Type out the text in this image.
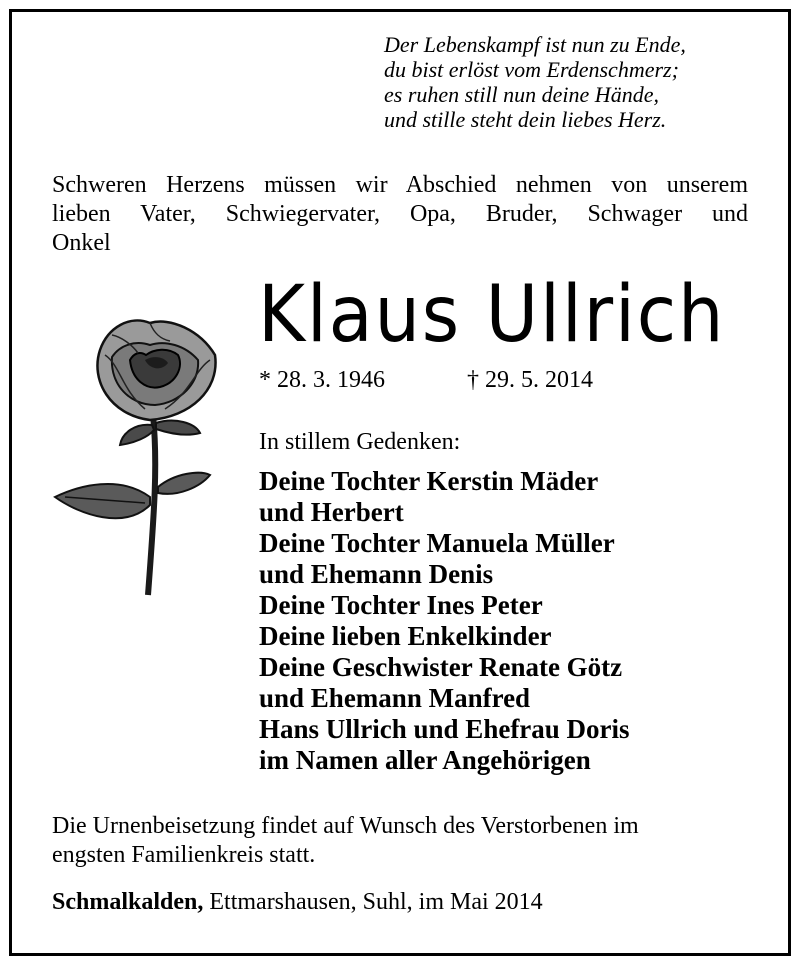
Der Lebenskampf ist nun zu Ende,
du bist erlöst vom Erdenschmerz;
es ruhen still nun deine Hände,
und stille steht dein liebes Herz.
Schweren Herzens müssen wir Abschied nehmen von unserem
lieben Vater, Schwiegervater, Opa, Bruder, Schwager und
Onkel
Klaus Ullrich
* 28. 3. 1946	† 29. 5. 2014
In stillem Gedenken:
Deine Tochter Kerstin Mäder
und Herbert
Deine Tochter Manuela Müller
und Ehemann Denis
Deine Tochter Ines Peter
Deine lieben Enkelkinder
Deine Geschwister Renate Götz
und Ehemann Manfred
Hans Ullrich und Ehefrau Doris
im Namen aller Angehörigen
Die Urnenbeisetzung findet auf Wunsch des Verstorbenen im
engsten Familienkreis statt.
Schmalkalden, Ettmarshausen, Suhl, im Mai 2014
